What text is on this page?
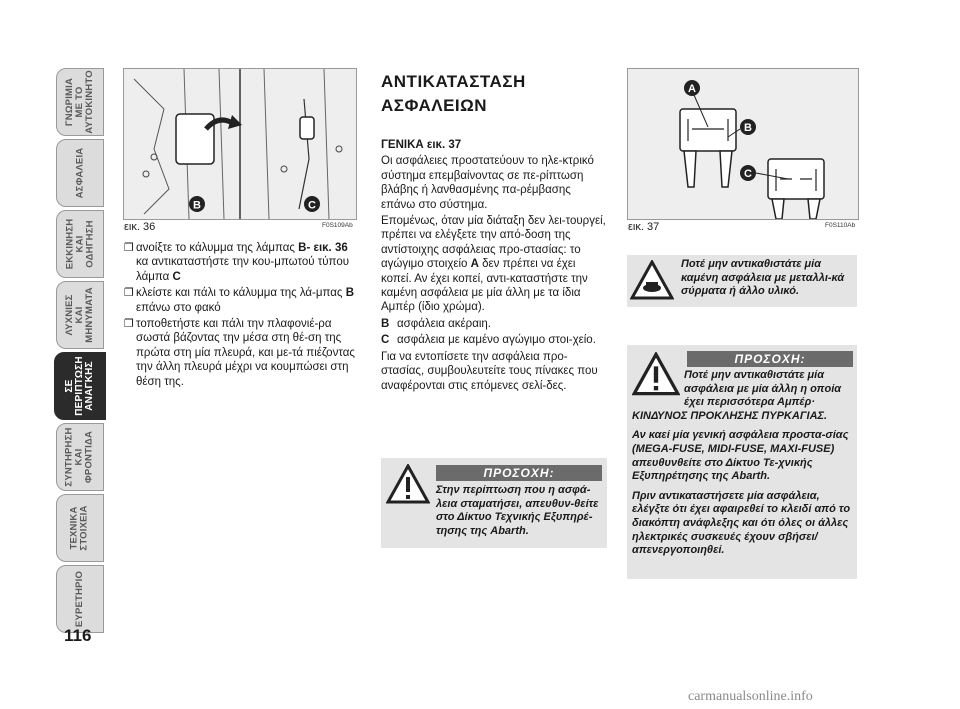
ΓΝΩΡΙΜΙΑ
ΜΕ ΤΟ
ΑΥΤΟΚΙΝΗΤΟ
ΑΣΦΑΛΕΙΑ
ΕΚΚΙΝΗΣΗ
ΚΑΙ
ΟΔΗΓΗΣΗ
ΛΥΧΝΙΕΣ
ΚΑΙ
ΜΗΝΥΜΑΤΑ
ΣΕ
ΠΕΡΙΠΤΩΣΗ
ΑΝΑΓΚΗΣ
ΣΥΝΤΗΡΗΣΗ
ΚΑΙ
ΦΡΟΝΤΙΔΑ
ΤΕΧΝΙΚΑ
ΣΤΟΙΧΕΙΑ
ΕΥΡΕΤΗΡΙΟ
116
B	C
εικ. 36	F0S109Ab
❐ ανοίξτε το κάλυμμα της λάμπας B- εικ. 36 κα αντικαταστήστε την κου-μπωτού τύπου λάμπα C
❐ κλείστε και πάλι το κάλυμμα της λά-μπας B επάνω στο φακό
❐ τοποθετήστε και πάλι την πλαφονιέ-ρα σωστά βάζοντας την μέσα στη θέ-ση της πρώτα στη μία πλευρά, και με-τά πιέζοντας την άλλη πλευρά μέχρι να κουμπώσει στη θέση της.
ΑΝΤΙΚΑΤΑΣΤΑΣΗ
ΑΣΦΑΛΕΙΩΝ

ΓΕΝΙΚΑ εικ. 37

Οι ασφάλειες προστατεύουν το ηλε-κτρικό σύστημα επεμβαίνοντας σε πε-ρίπτωση βλάβης ή λανθασμένης πα-ρέμβασης επάνω στο σύστημα.

Επομένως, όταν μία διάταξη δεν λει-τουργεί, πρέπει να ελέγξετε την από-δοση της αντίστοιχης ασφάλειας προ-στασίας: το αγώγιμο στοιχείο A δεν πρέπει να έχει κοπεί. Αν έχει κοπεί, αντι-καταστήστε την καμένη ασφάλεια με μία άλλη με τα ίδια Αμπέρ (ίδιο χρώμα).

B ασφάλεια ακέραιη.
C ασφάλεια με καμένο αγώγιμο στοι-χείο.

Για να εντοπίσετε την ασφάλεια προ-στασίας, συμβουλευτείτε τους πίνακες που αναφέρονται στις επόμενες σελί-δες.

ΠΡΟΣΟΧΗ:
Στην περίπτωση που η ασφά-λεια σταματήσει, απευθυν-θείτε στο Δίκτυο Τεχνικής Εξυπηρέ-τησης της Abarth.
A
B
C
εικ. 37	F0S110Ab
Ποτέ μην αντικαθιστάτε μία καμένη ασφάλεια με μεταλλι-κά σύρματα ή άλλο υλικό.
ΠΡΟΣΟΧΗ:

Ποτέ μην αντικαθιστάτε μία ασφάλεια με μία άλλη η οποία έχει περισσότερα Αμπέρ·

ΚΙΝΔΥΝΟΣ ΠΡΟΚΛΗΣΗΣ ΠΥΡΚΑΓΙΑΣ.

Αν καεί μία γενική ασφάλεια προστα-σίας (MEGA-FUSE, MIDI-FUSE, MAXI-FUSE) απευθυνθείτε στο Δίκτυο Τε-χνικής Εξυπηρέτησης της Abarth.

Πριν αντικαταστήσετε μία ασφάλεια, ελέγξτε ότι έχει αφαιρεθεί το κλειδί από το διακόπτη ανάφλεξης και ότι όλες οι άλλες ηλεκτρικές συσκευές έχουν σβήσει/απενεργοποιηθεί.

carmanualsonline.info
